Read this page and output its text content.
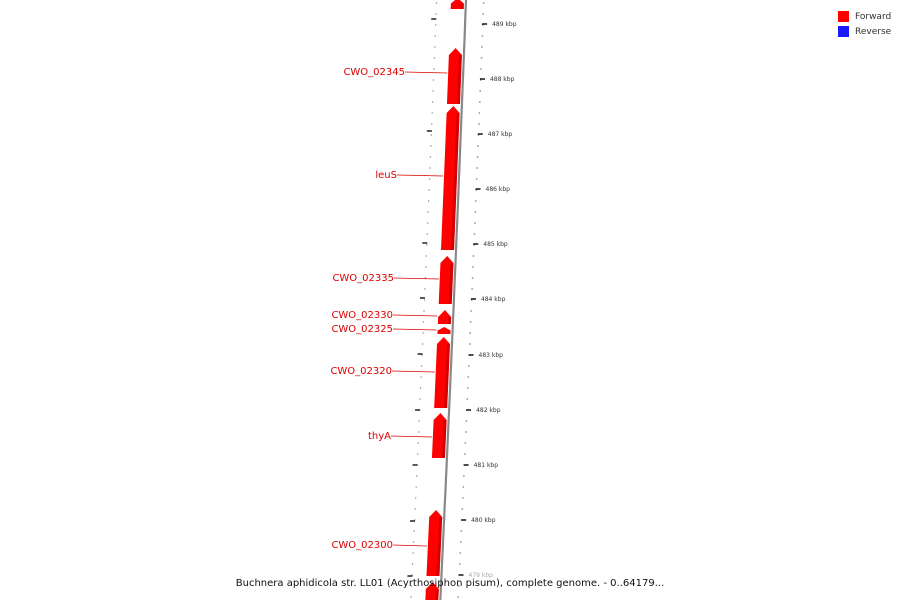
489 kbp
488 kbp
487 kbp
486 kbp
485 kbp
484 kbp
483 kbp
482 kbp
481 kbp
480 kbp
479 kbp
CWO_02345
leuS
CWO_02335
CWO_02330
CWO_02325
CWO_02320
thyA
CWO_02300
Forward
Reverse
Buchnera aphidicola str. LL01 (Acyrthosiphon pisum), complete genome. - 0..64179...
